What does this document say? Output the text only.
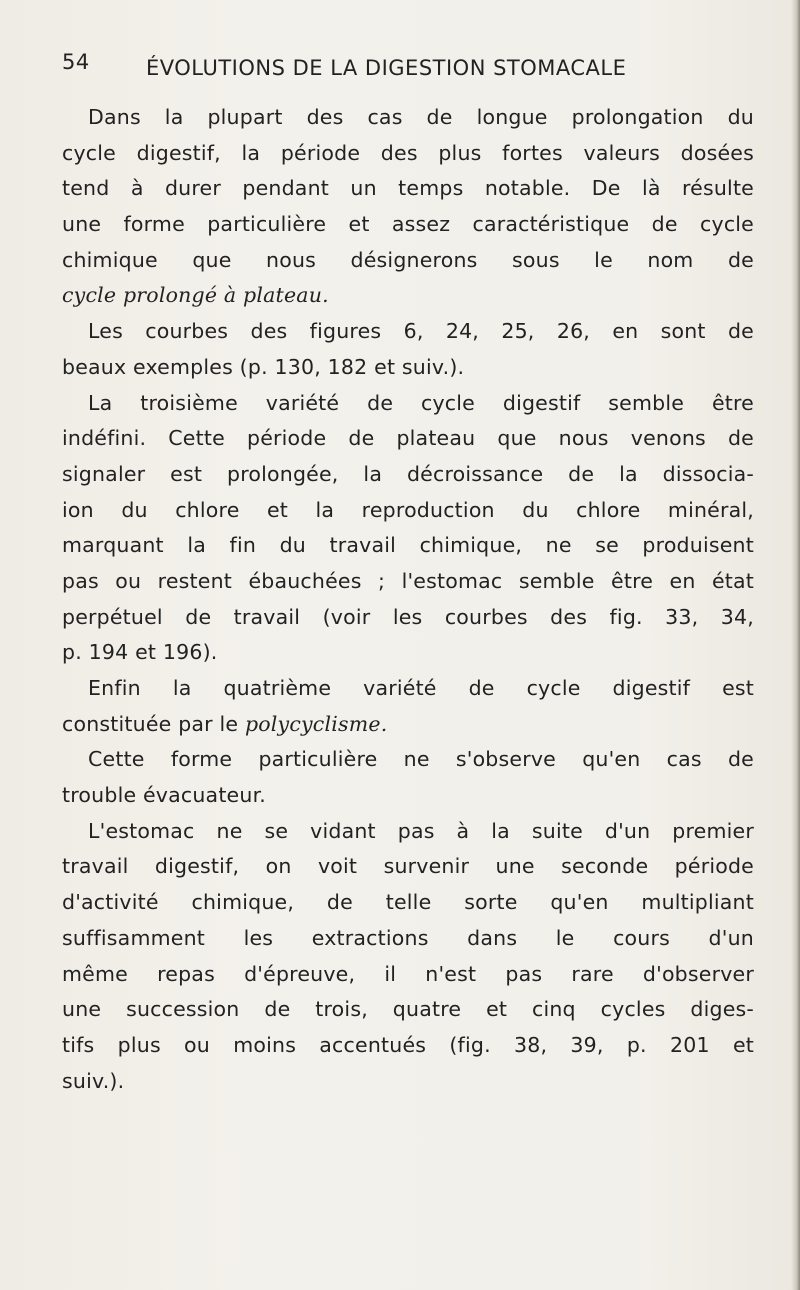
54	ÉVOLUTIONS DE LA DIGESTION STOMACALE
Dans la plupart des cas de longue prolongation du
cycle digestif, la période des plus fortes valeurs dosées
tend à durer pendant un temps notable. De là résulte
une forme particulière et assez caractéristique de cycle
chimique que nous désignerons sous le nom de
cycle prolongé à plateau.
Les courbes des figures 6, 24, 25, 26, en sont de
beaux exemples (p. 130, 182 et suiv.).
La troisième variété de cycle digestif semble être
indéfini. Cette période de plateau que nous venons de
signaler est prolongée, la décroissance de la dissocia-
ion du chlore et la reproduction du chlore minéral,
marquant la fin du travail chimique, ne se produisent
pas ou restent ébauchées ; l'estomac semble être en état
perpétuel de travail (voir les courbes des fig. 33, 34,
p. 194 et 196).
Enfin la quatrième variété de cycle digestif est
constituée par le polycyclisme.
Cette forme particulière ne s'observe qu'en cas de
trouble évacuateur.
L'estomac ne se vidant pas à la suite d'un premier
travail digestif, on voit survenir une seconde période
d'activité chimique, de telle sorte qu'en multipliant
suffisamment les extractions dans le cours d'un
même repas d'épreuve, il n'est pas rare d'observer
une succession de trois, quatre et cinq cycles diges-
tifs plus ou moins accentués (fig. 38, 39, p. 201 et
suiv.).
